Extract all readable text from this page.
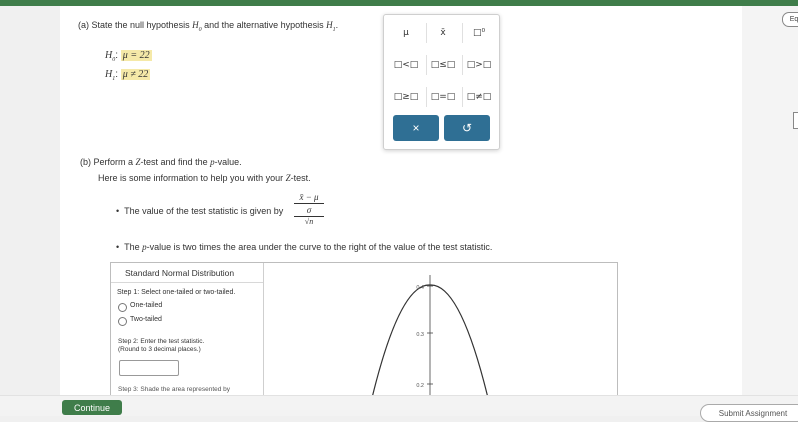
Eq
(a) State the null hypothesis $H_0$ and the alternative hypothesis $H_1$.
$H_0$: μ = 22
$H_1$: μ ≠ 22
(b) Perform a Z-test and find the p-value.
Here is some information to help you with your Z-test.
•  The value of the test statistic is given by
x̄ − μ
σ
√n
•  The p-value is two times the area under the curve to the right of the value of the test statistic.
μ	x̄	□⁰
□<□	□≤□	□>□
□≥□	□=□	□≠□
×	↺
Standard Normal Distribution
Step 1: Select one-tailed or two-tailed.
One-tailed
Two-tailed
Step 2: Enter the test statistic.
(Round to 3 decimal places.)
Step 3: Shade the area represented by
0.4
0.3
0.2
Continue
Submit Assignment
